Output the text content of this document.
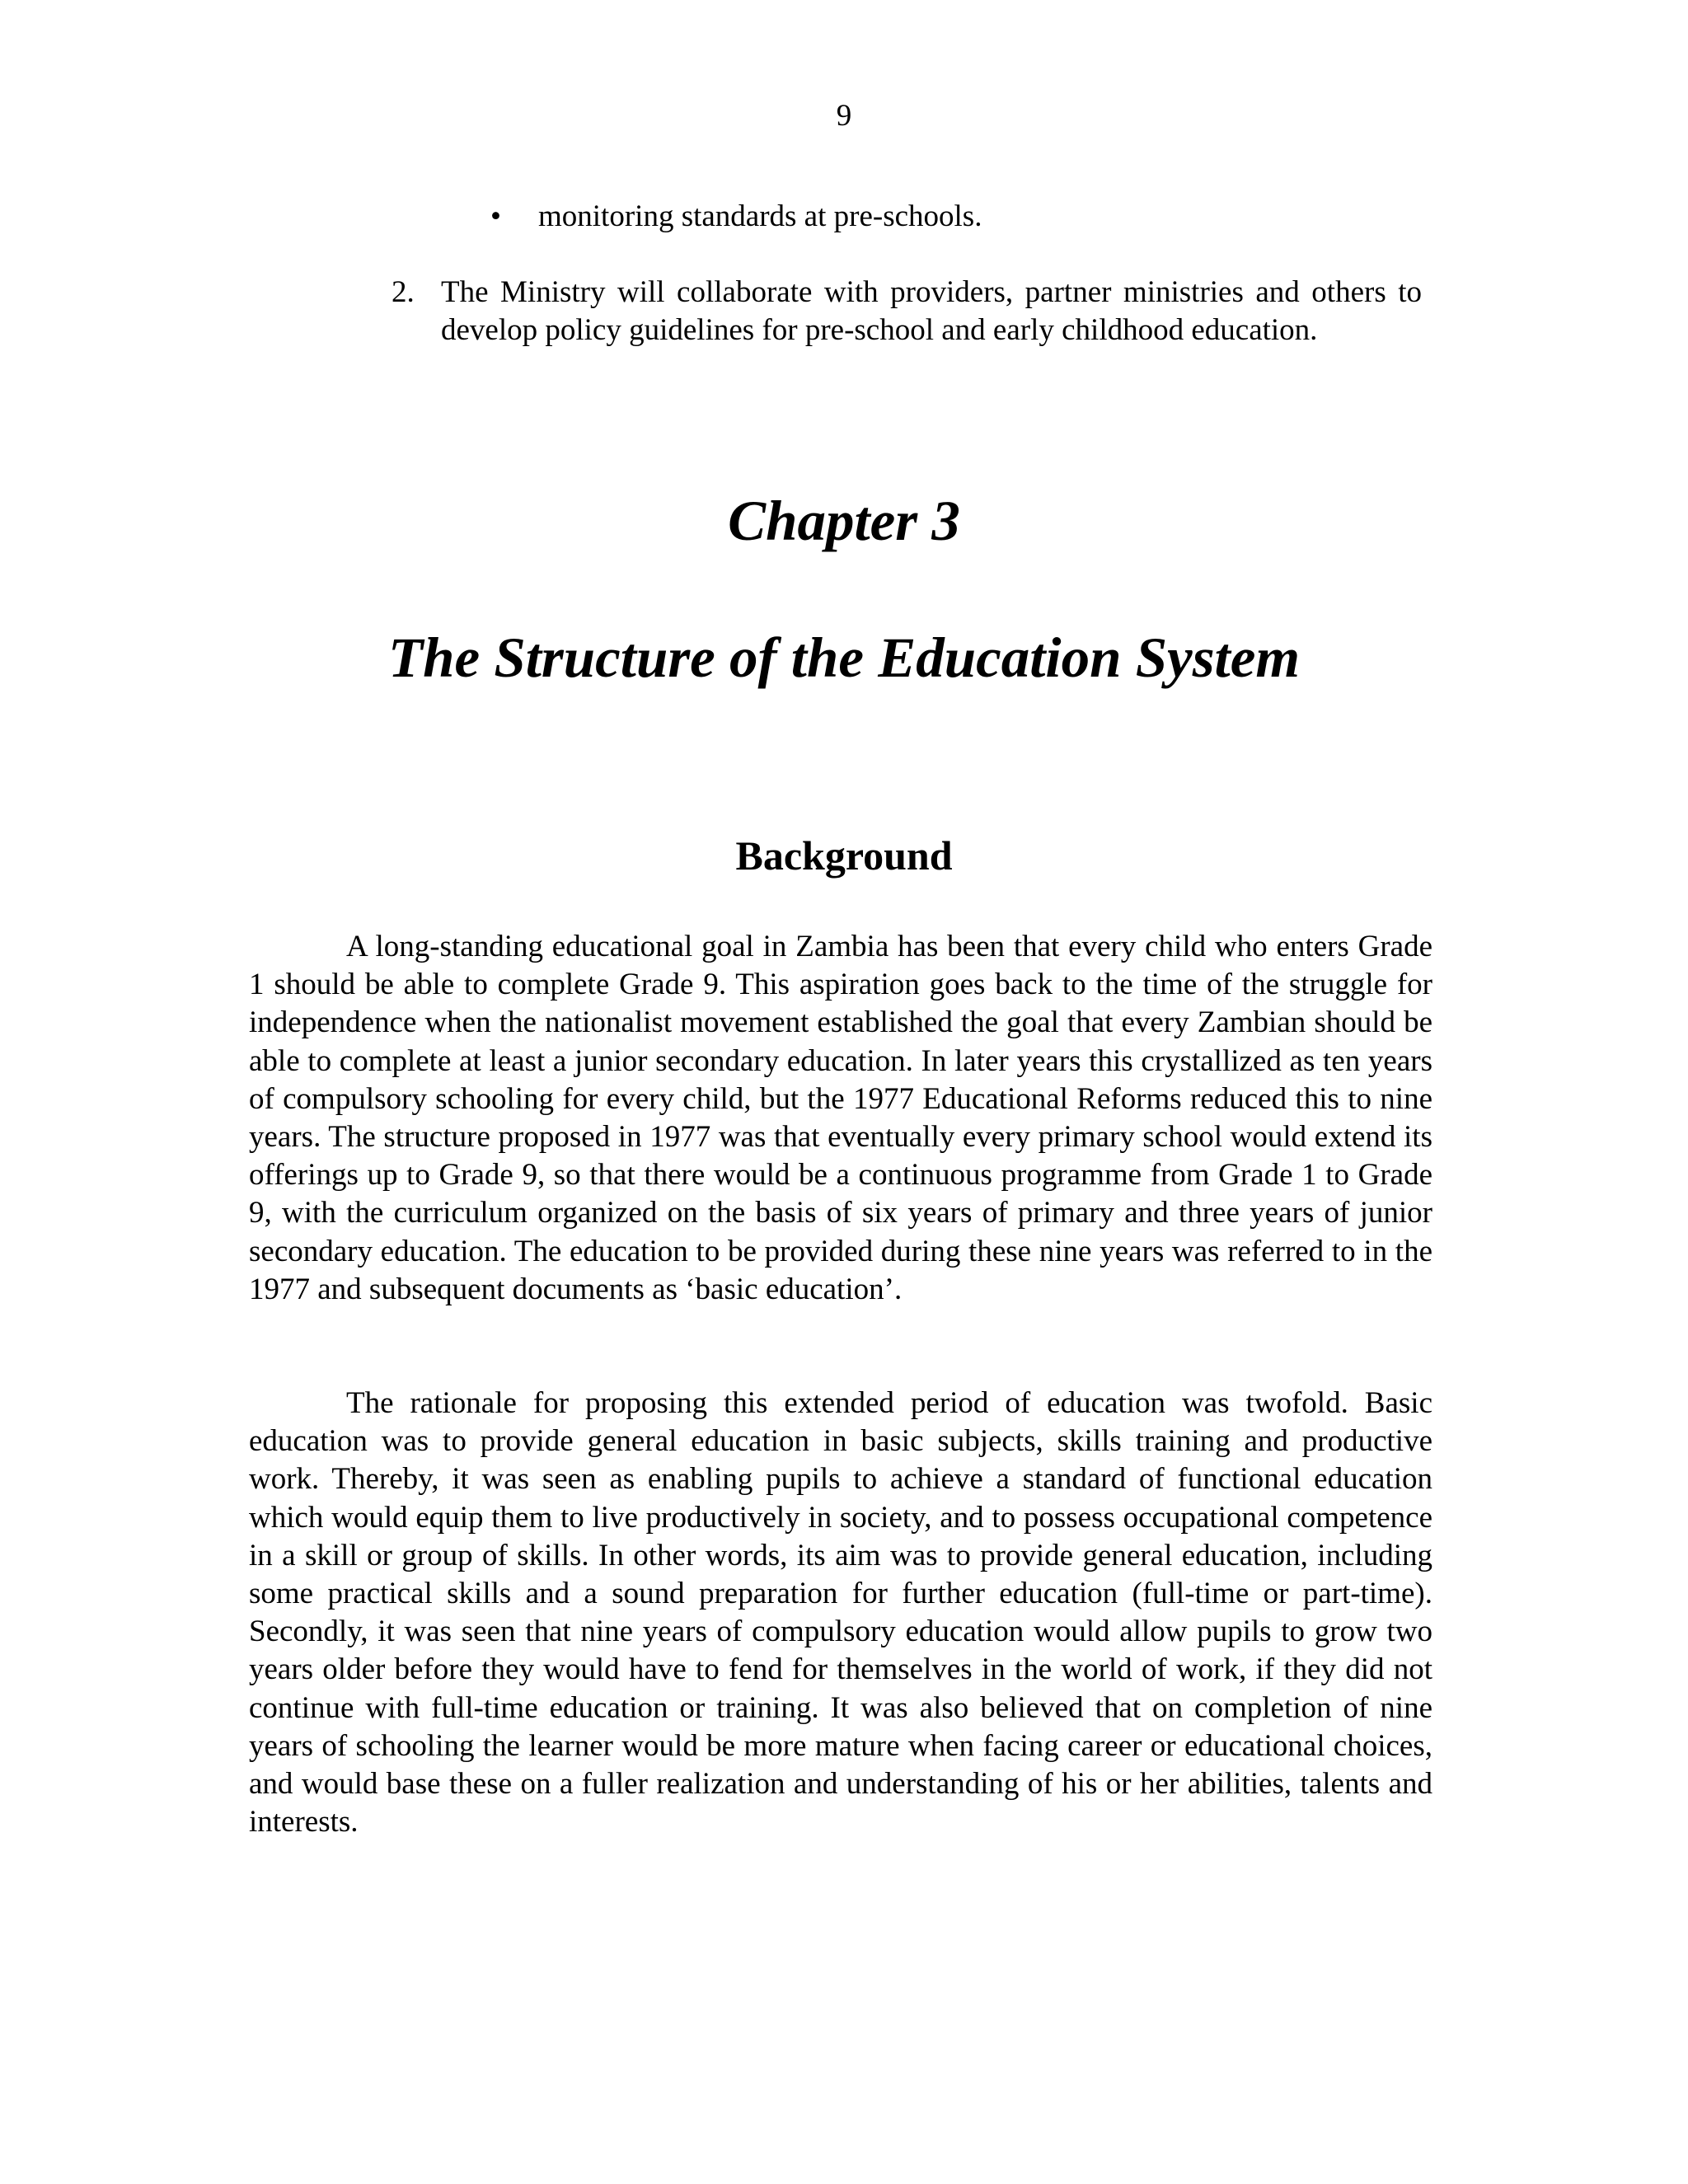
9
• monitoring standards at pre-schools.
2. The Ministry will collaborate with providers, partner ministries and others to develop policy guidelines for pre-school and early childhood education.
Chapter 3
The Structure of the Education System
Background

A long-standing educational goal in Zambia has been that every child who enters Grade 1 should be able to complete Grade 9. This aspiration goes back to the time of the struggle for independence when the nationalist movement established the goal that every Zambian should be able to complete at least a junior secondary education. In later years this crystallized as ten years of compulsory schooling for every child, but the 1977 Educational Reforms reduced this to nine years. The structure proposed in 1977 was that eventually every primary school would extend its offerings up to Grade 9, so that there would be a continuous programme from Grade 1 to Grade 9, with the curriculum organized on the basis of six years of primary and three years of junior secondary education. The education to be provided during these nine years was referred to in the 1977 and subsequent documents as ‘basic education’.

The rationale for proposing this extended period of education was twofold. Basic education was to provide general education in basic subjects, skills training and productive work. Thereby, it was seen as enabling pupils to achieve a standard of functional education which would equip them to live productively in society, and to possess occupational competence in a skill or group of skills. In other words, its aim was to provide general education, including some practical skills and a sound preparation for further education (full-time or part-time). Secondly, it was seen that nine years of compulsory education would allow pupils to grow two years older before they would have to fend for themselves in the world of work, if they did not continue with full-time education or training. It was also believed that on completion of nine years of schooling the learner would be more mature when facing career or educational choices, and would base these on a fuller realization and understanding of his or her abilities, talents and interests.
